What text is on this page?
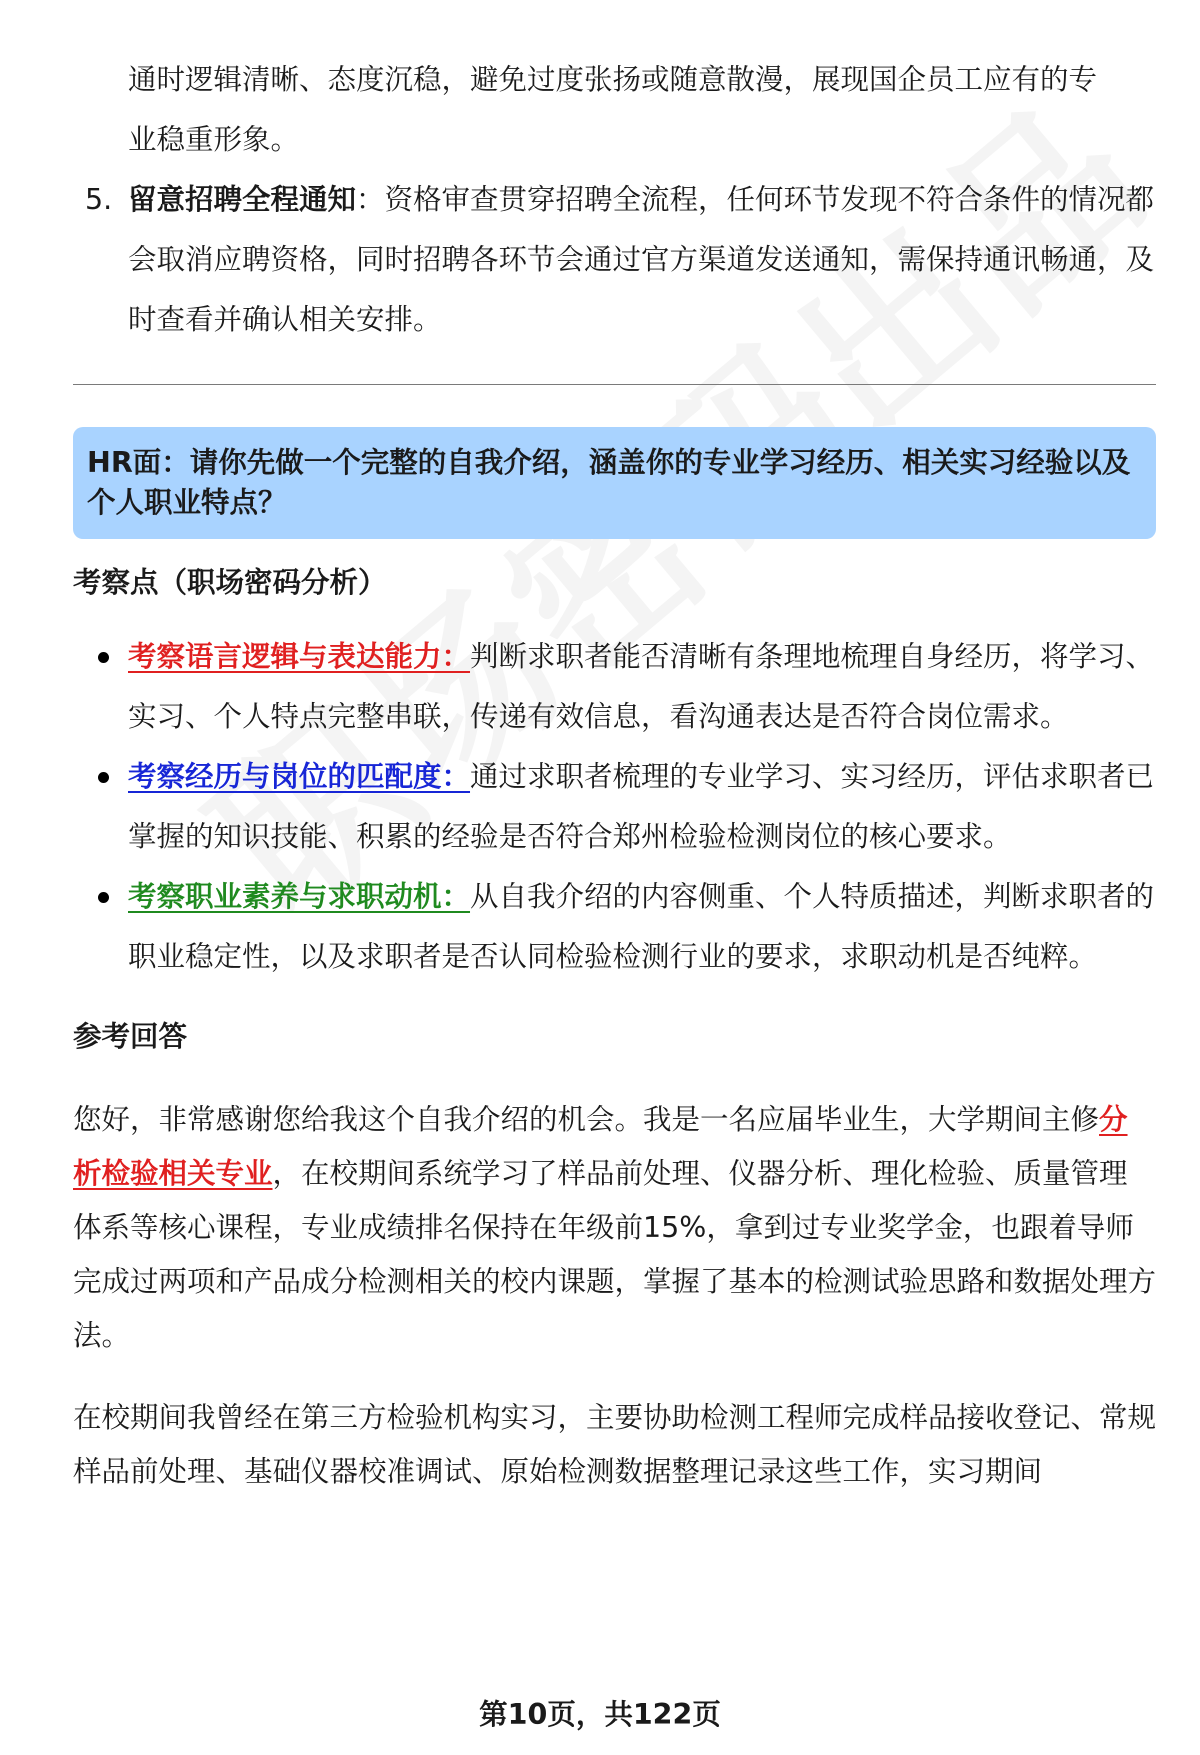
通时逻辑清晰、态度沉稳，避免过度张扬或随意散漫，展现国企员工应有的专
业稳重形象。
5. 留意招聘全程通知：资格审查贯穿招聘全流程，任何环节发现不符合条件的情况都会取消应聘资格，同时招聘各环节会通过官方渠道发送通知，需保持通讯畅通，及时查看并确认相关安排。
HR面：请你先做一个完整的自我介绍，涵盖你的专业学习经历、相关实习经验以及个人职业特点？
考察点（职场密码分析）
考察语言逻辑与表达能力：判断求职者能否清晰有条理地梳理自身经历，将学习、实习、个人特点完整串联，传递有效信息，看沟通表达是否符合岗位需求。
考察经历与岗位的匹配度：通过求职者梳理的专业学习、实习经历，评估求职者已掌握的知识技能、积累的经验是否符合郑州检验检测岗位的核心要求。
考察职业素养与求职动机：从自我介绍的内容侧重、个人特质描述，判断求职者的职业稳定性，以及求职者是否认同检验检测行业的要求，求职动机是否纯粹。
参考回答
您好，非常感谢您给我这个自我介绍的机会。我是一名应届毕业生，大学期间主修分析检验相关专业，在校期间系统学习了样品前处理、仪器分析、理化检验、质量管理体系等核心课程，专业成绩排名保持在年级前15%，拿到过专业奖学金，也跟着导师完成过两项和产品成分检测相关的校内课题，掌握了基本的检测试验思路和数据处理方法。
在校期间我曾经在第三方检验机构实习，主要协助检测工程师完成样品接收登记、常规样品前处理、基础仪器校准调试、原始检测数据整理记录这些工作，实习期间
第10页，共122页
